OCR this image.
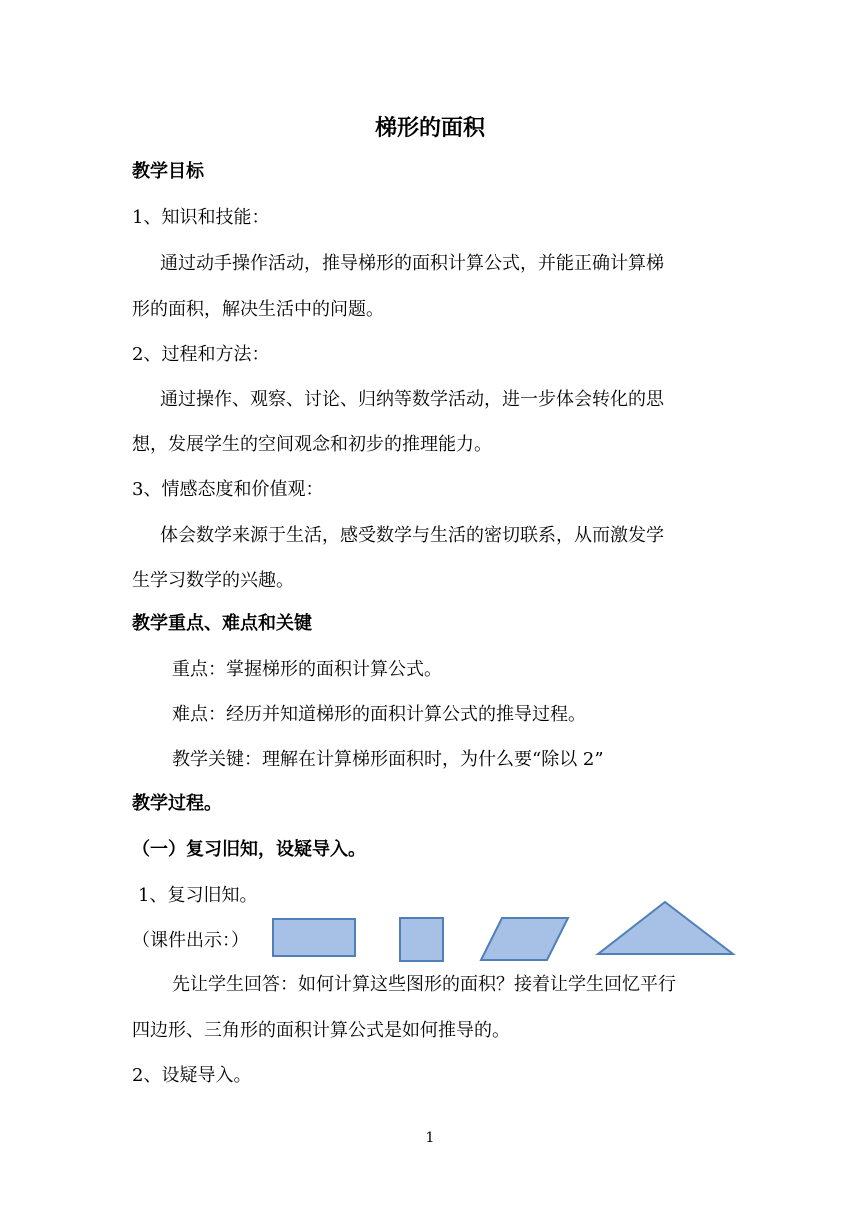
梯形的面积
教学目标
1、知识和技能：
通过动手操作活动，推导梯形的面积计算公式，并能正确计算梯
形的面积，解决生活中的问题。
2、过程和方法：
通过操作、观察、讨论、归纳等数学活动，进一步体会转化的思
想，发展学生的空间观念和初步的推理能力。
3、情感态度和价值观：
体会数学来源于生活，感受数学与生活的密切联系，从而激发学
生学习数学的兴趣。
教学重点、难点和关键
重点：掌握梯形的面积计算公式。
难点：经历并知道梯形的面积计算公式的推导过程。
教学关键：理解在计算梯形面积时，为什么要“除以 2”
教学过程。
（一）复习旧知，设疑导入。
1、复习旧知。
（课件出示：）
先让学生回答：如何计算这些图形的面积？接着让学生回忆平行
四边形、三角形的面积计算公式是如何推导的。
2、设疑导入。
1
